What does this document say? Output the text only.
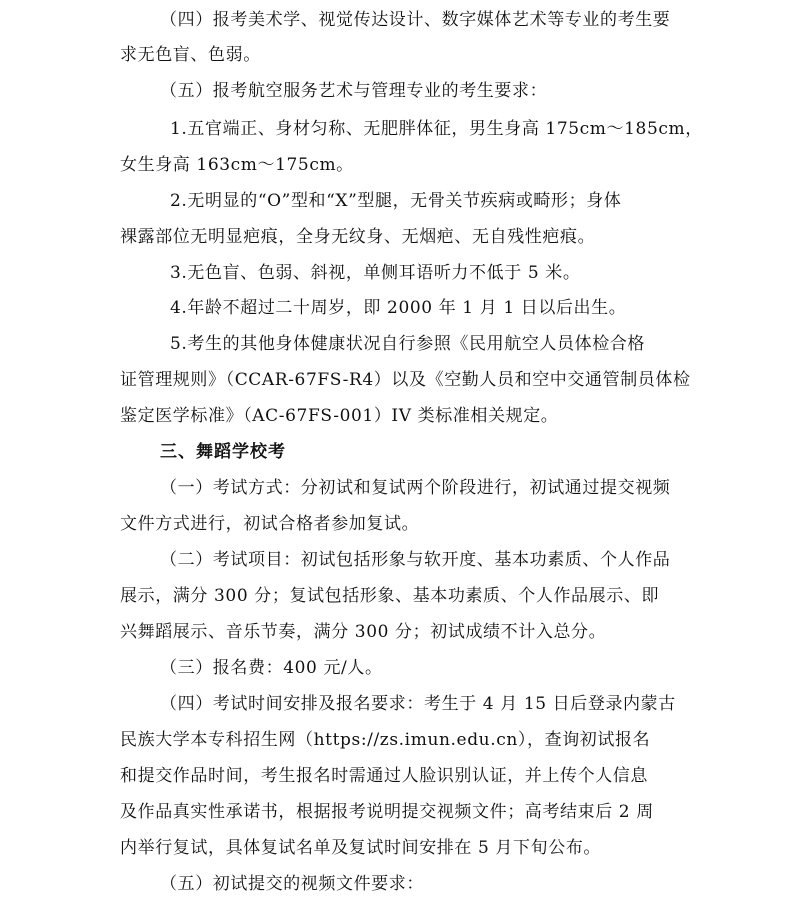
（四）报考美术学、视觉传达设计、数字媒体艺术等专业的考生要
求无色盲、色弱。
（五）报考航空服务艺术与管理专业的考生要求：
1.五官端正、身材匀称、无肥胖体征，男生身高 175cm～185cm，
女生身高 163cm～175cm。
2.无明显的“O”型和“X”型腿，无骨关节疾病或畸形；身体
裸露部位无明显疤痕，全身无纹身、无烟疤、无自残性疤痕。
3.无色盲、色弱、斜视，单侧耳语听力不低于 5 米。
4.年龄不超过二十周岁，即 2000 年 1 月 1 日以后出生。
5.考生的其他身体健康状况自行参照《民用航空人员体检合格
证管理规则》（CCAR-67FS-R4）以及《空勤人员和空中交通管制员体检
鉴定医学标准》（AC-67FS-001）IV 类标准相关规定。
三、舞蹈学校考
（一）考试方式：分初试和复试两个阶段进行，初试通过提交视频
文件方式进行，初试合格者参加复试。
（二）考试项目：初试包括形象与软开度、基本功素质、个人作品
展示，满分 300 分；复试包括形象、基本功素质、个人作品展示、即
兴舞蹈展示、音乐节奏，满分 300 分；初试成绩不计入总分。
（三）报名费：400 元/人。
（四）考试时间安排及报名要求：考生于 4 月 15 日后登录内蒙古
民族大学本专科招生网（https://zs.imun.edu.cn），查询初试报名
和提交作品时间，考生报名时需通过人脸识别认证，并上传个人信息
及作品真实性承诺书，根据报考说明提交视频文件；高考结束后 2 周
内举行复试，具体复试名单及复试时间安排在 5 月下旬公布。
（五）初试提交的视频文件要求：
